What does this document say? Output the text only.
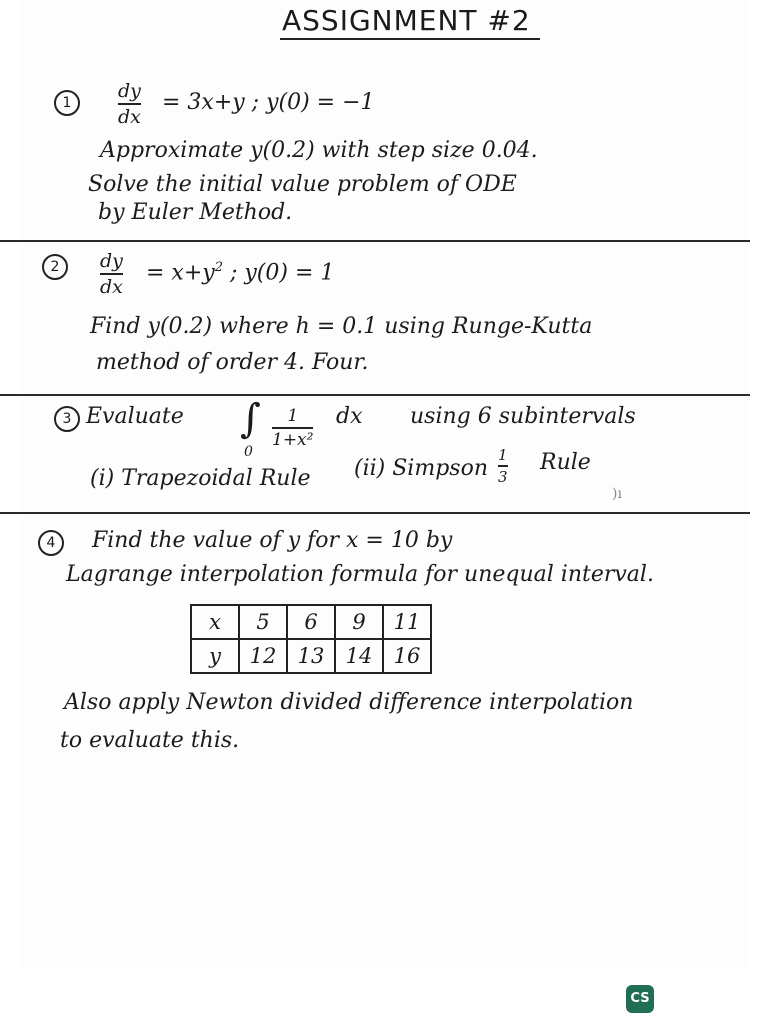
ASSIGNMENT #2
1
dy
dx
= 3x+y ; y(0) = −1
Approximate y(0.2) with step size 0.04.
Solve the initial value problem of ODE
by Euler Method.
2	dy
dx
= $x+y^2$ ; y(0) = 1
Find y(0.2) where h = 0.1 using Runge-Kutta
method of order 4. Four.
3 Evaluate ∫
0
1
1+x²
dx using 6 subintervals
(i) Trapezoidal Rule (ii) Simpson
1
3
Rule
)ı
4	Find the value of y for x = 10 by
Lagrange interpolation formula for unequal interval.
x	5	6	9	11
y	12	13	14	16
Also apply Newton divided difference interpolation
to evaluate this.
CS
